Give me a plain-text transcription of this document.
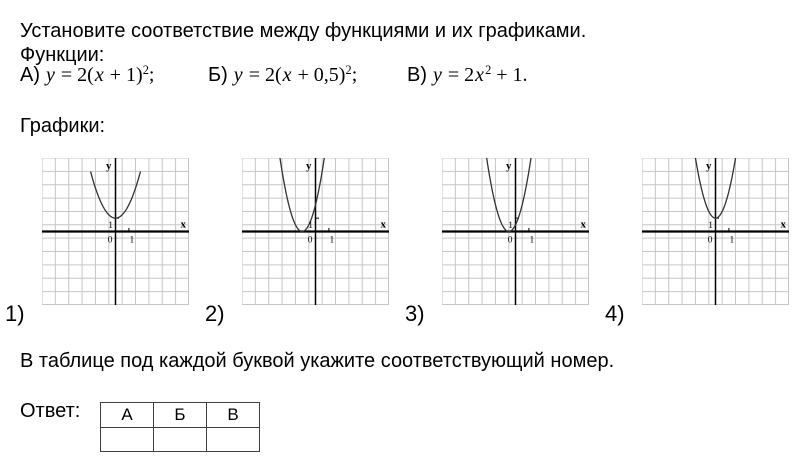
Установите соответствие между функциями и их графиками.
Функции:
А) $y = 2(x + 1)^2$;	Б) $y = 2(x + 0,5)^2$; В) $y = 2x^2 + 1$.
Графики:
y
x
0 1
1
y
x
0 1
1
y
x
0 1
1
y
x
0 1
1
1)	2)	3)	4)
В таблице под каждой буквой укажите соответствующий номер.
Ответ: А	Б	В
